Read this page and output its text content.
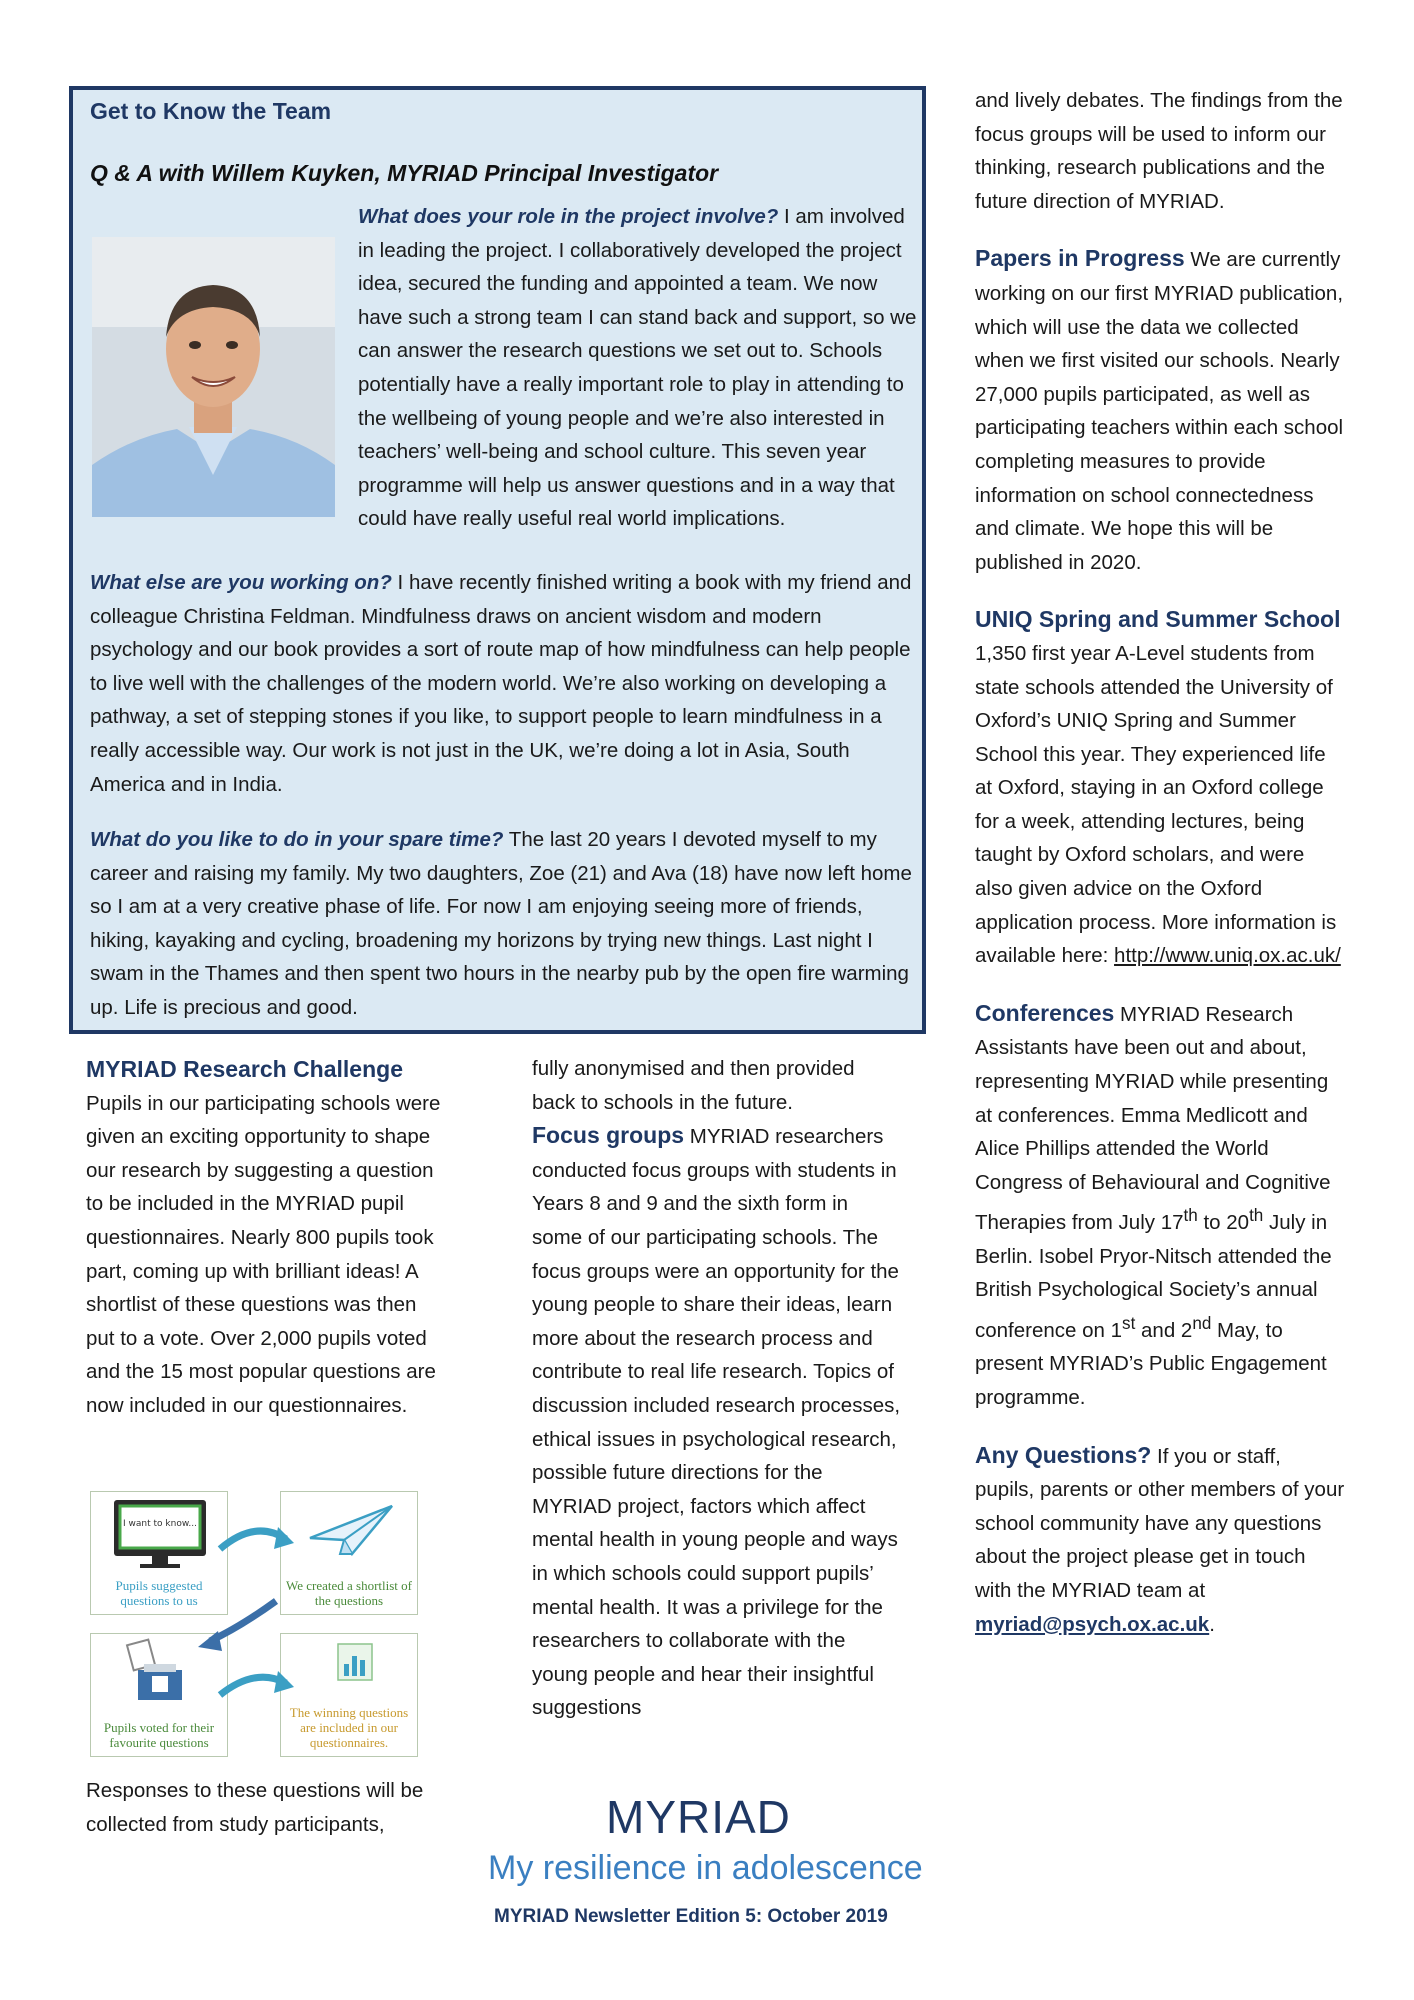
Get to Know the Team
Q & A with Willem Kuyken, MYRIAD Principal Investigator

What does your role in the project involve? I am involved in leading the project. I collaboratively developed the project idea, secured the funding and appointed a team. We now have such a strong team I can stand back and support, so we can answer the research questions we set out to. Schools potentially have a really important role to play in attending to the wellbeing of young people and we’re also interested in teachers’ well-being and school culture. This seven year programme will help us answer questions and in a way that could have really useful real world implications.

What else are you working on? I have recently finished writing a book with my friend and colleague Christina Feldman. Mindfulness draws on ancient wisdom and modern psychology and our book provides a sort of route map of how mindfulness can help people to live well with the challenges of the modern world. We’re also working on developing a pathway, a set of stepping stones if you like, to support people to learn mindfulness in a really accessible way. Our work is not just in the UK, we’re doing a lot in Asia, South America and in India.

What do you like to do in your spare time? The last 20 years I devoted myself to my career and raising my family. My two daughters, Zoe (21) and Ava (18) have now left home so I am at a very creative phase of life. For now I am enjoying seeing more of friends, hiking, kayaking and cycling, broadening my horizons by trying new things. Last night I swam in the Thames and then spent two hours in the nearby pub by the open fire warming up. Life is precious and good.

and lively debates. The findings from the focus groups will be used to inform our thinking, research publications and the future direction of MYRIAD.

Papers in Progress We are currently working on our first MYRIAD publication, which will use the data we collected when we first visited our schools. Nearly 27,000 pupils participated, as well as participating teachers within each school completing measures to provide information on school connectedness and climate. We hope this will be published in 2020.

UNIQ Spring and Summer School

1,350 first year A-Level students from state schools attended the University of Oxford’s UNIQ Spring and Summer School this year. They experienced life at Oxford, staying in an Oxford college for a week, attending lectures, being taught by Oxford scholars, and were also given advice on the Oxford application process. More information is available here: http://www.uniq.ox.ac.uk/

Conferences MYRIAD Research Assistants have been out and about, representing MYRIAD while presenting at conferences. Emma Medlicott and Alice Phillips attended the World Congress of Behavioural and Cognitive Therapies from July 17th to 20th July in Berlin. Isobel Pryor-Nitsch attended the British Psychological Society’s annual conference on 1st and 2nd May, to present MYRIAD’s Public Engagement programme.

Any Questions? If you or staff, pupils, parents or other members of your school community have any questions about the project please get in touch with the MYRIAD team at myriad@psych.ox.ac.uk.

MYRIAD Research Challenge

Pupils in our participating schools were given an exciting opportunity to shape our research by suggesting a question to be included in the MYRIAD pupil questionnaires. Nearly 800 pupils took part, coming up with brilliant ideas! A shortlist of these questions was then put to a vote. Over 2,000 pupils voted and the 15 most popular questions are now included in our questionnaires.

I want to know...
Pupils suggested questions to us
We created a shortlist of the questions
Pupils voted for their favourite questions
The winning questions are included in our questionnaires.

Responses to these questions will be collected from study participants,

fully anonymised and then provided back to schools in the future.

Focus groups MYRIAD researchers conducted focus groups with students in Years 8 and 9 and the sixth form in some of our participating schools. The focus groups were an opportunity for the young people to share their ideas, learn more about the research process and contribute to real life research. Topics of discussion included research processes, ethical issues in psychological research, possible future directions for the MYRIAD project, factors which affect mental health in young people and ways in which schools could support pupils’ mental health. It was a privilege for the researchers to collaborate with the young people and hear their insightful suggestions

MYRIAD
My resilience in adolescence
MYRIAD Newsletter Edition 5: October 2019
